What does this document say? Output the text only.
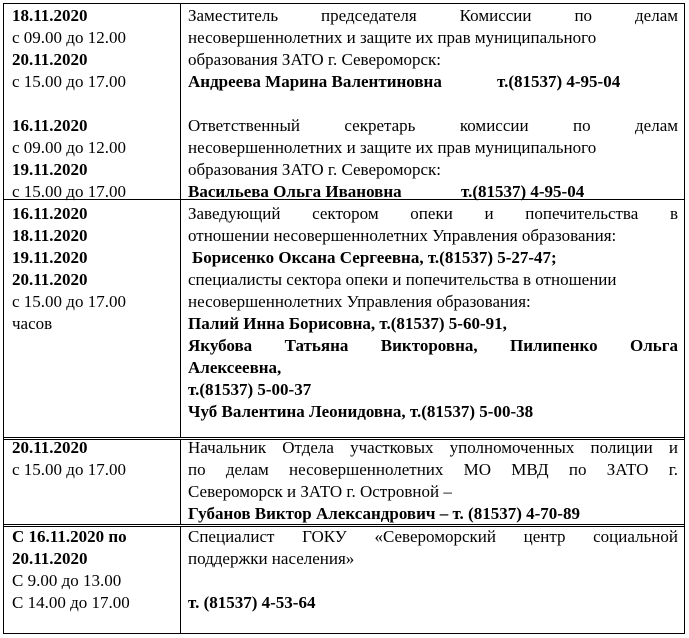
18.11.2020
с 09.00 до 12.00
20.11.2020
с 15.00 до 17.00
16.11.2020
с 09.00 до 12.00
19.11.2020
с 15.00 до 17.00
Заместитель председателя Комиссии по делам
несовершеннолетних и защите их прав муниципального
образования ЗАТО г. Североморск:
Андреева Марина Валентиновна	т.(81537) 4-95-04
Ответственный секретарь комиссии по делам
несовершеннолетних и защите их прав муниципального
образования ЗАТО г. Североморск:
Васильева Ольга Ивановна	т.(81537) 4-95-04
16.11.2020
18.11.2020
19.11.2020
20.11.2020
с 15.00 до 17.00
часов
Заведующий сектором опеки и попечительства в
отношении несовершеннолетних Управления образования:
Борисенко Оксана Сергеевна, т.(81537) 5-27-47;
специалисты сектора опеки и попечительства в отношении
несовершеннолетних Управления образования:
Палий Инна Борисовна, т.(81537) 5-60-91,
Якубова Татьяна Викторовна, Пилипенко Ольга
Алексеевна,
т.(81537) 5-00-37
Чуб Валентина Леонидовна, т.(81537) 5-00-38
20.11.2020
с 15.00 до 17.00
Начальник Отдела участковых уполномоченных полиции и
по делам несовершеннолетних МО МВД по ЗАТО г.
Североморск и ЗАТО г. Островной –
Губанов Виктор Александрович – т. (81537) 4-70-89
С 16.11.2020 по
20.11.2020
С 9.00 до 13.00
С 14.00 до 17.00
Специалист ГОКУ «Североморский центр социальной
поддержки населения»
т. (81537) 4-53-64
